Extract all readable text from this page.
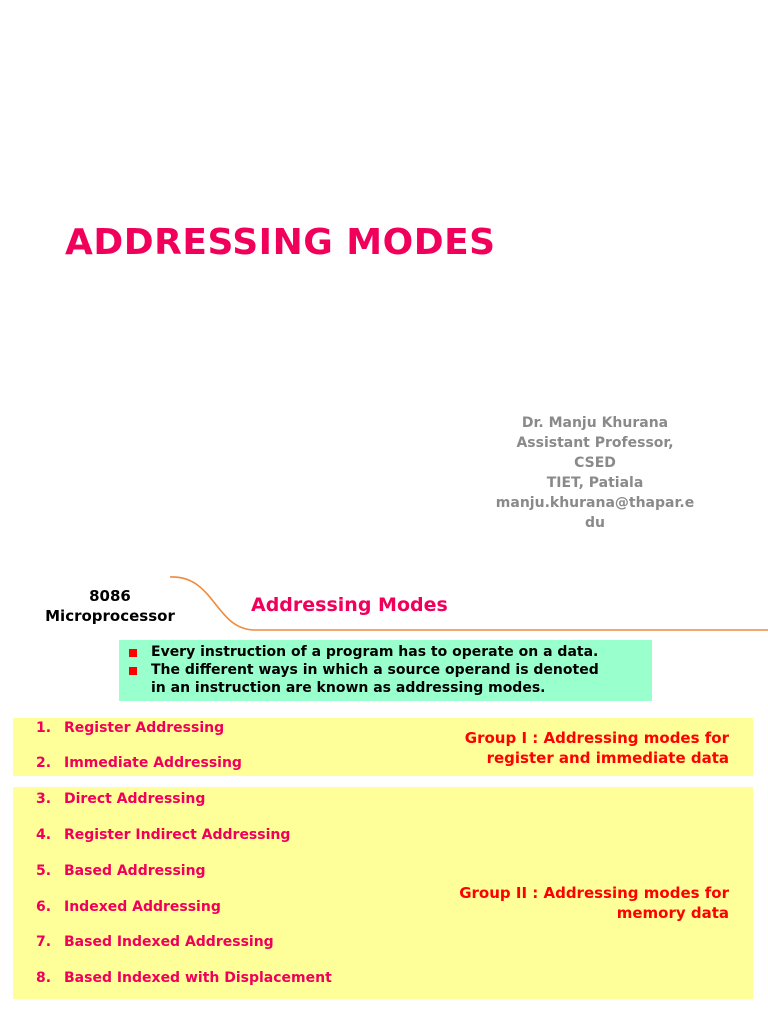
ADDRESSING MODES
Dr. Manju Khurana
Assistant Professor,
CSED
TIET, Patiala
manju.khurana@thapar.e
du
8086
Microprocessor	Addressing Modes
Every instruction of a program has to operate on a data.
The different ways in which a source operand is denoted
in an instruction are known as addressing modes.
1. Register Addressing
2. Immediate Addressing
Group I : Addressing modes for
register and immediate data
3. Direct Addressing
4. Register Indirect Addressing
5. Based Addressing
6. Indexed Addressing
7. Based Indexed Addressing
8. Based Indexed with Displacement
Group II : Addressing modes for
memory data
